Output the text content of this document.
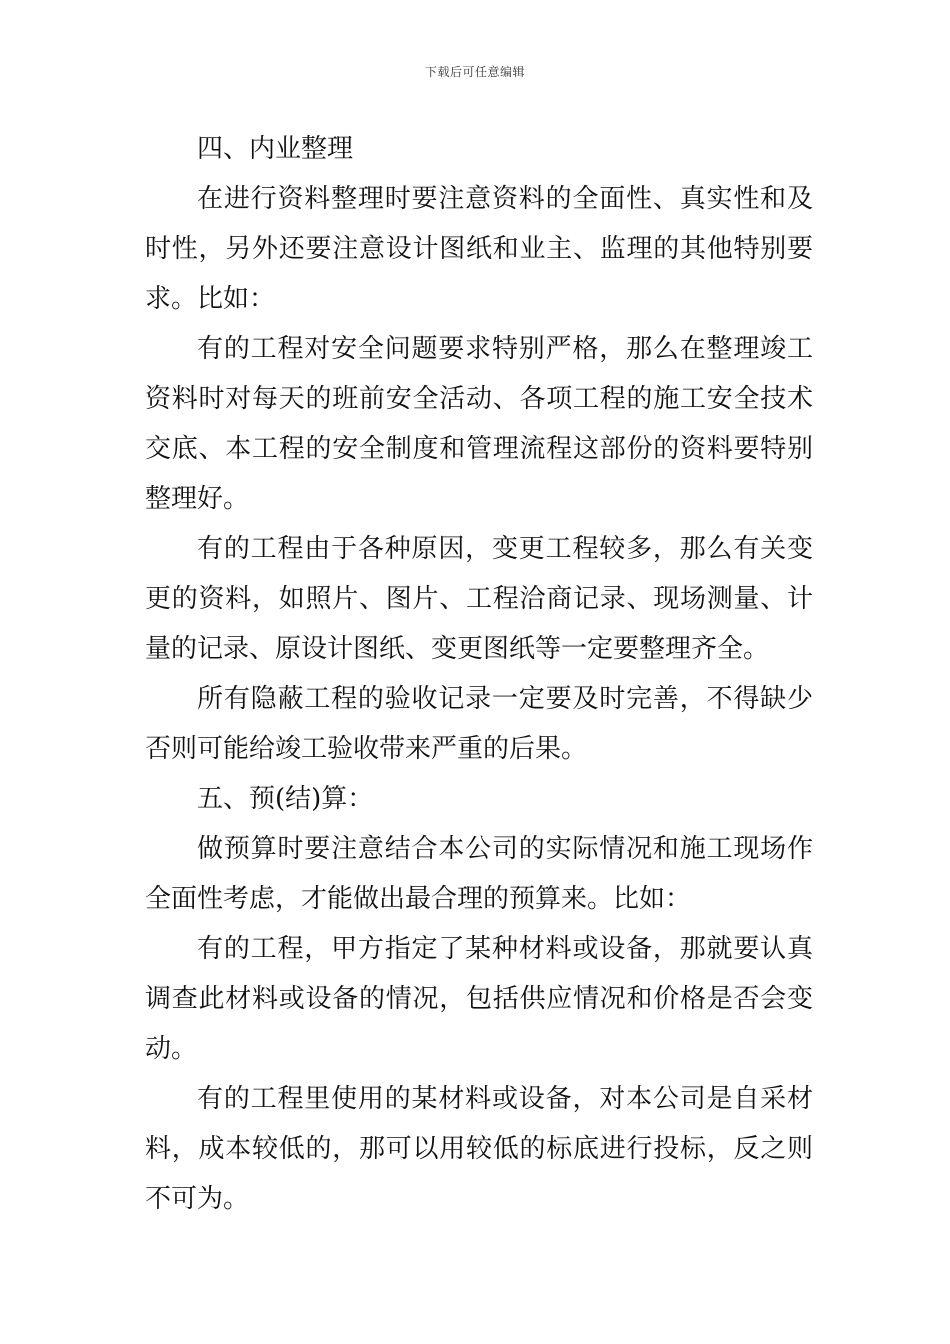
下载后可任意编辑

四、内业整理

在进行资料整理时要注意资料的全面性、真实性和及时性，另外还要注意设计图纸和业主、监理的其他特别要求。比如：

有的工程对安全问题要求特别严格，那么在整理竣工资料时对每天的班前安全活动、各项工程的施工安全技术交底、本工程的安全制度和管理流程这部份的资料要特别整理好。

有的工程由于各种原因，变更工程较多，那么有关变更的资料，如照片、图片、工程洽商记录、现场测量、计量的记录、原设计图纸、变更图纸等一定要整理齐全。

所有隐蔽工程的验收记录一定要及时完善，不得缺少否则可能给竣工验收带来严重的后果。

五、预(结)算：

做预算时要注意结合本公司的实际情况和施工现场作全面性考虑，才能做出最合理的预算来。比如：

有的工程，甲方指定了某种材料或设备，那就要认真调查此材料或设备的情况，包括供应情况和价格是否会变动。

有的工程里使用的某材料或设备，对本公司是自采材料，成本较低的，那可以用较低的标底进行投标，反之则不可为。
